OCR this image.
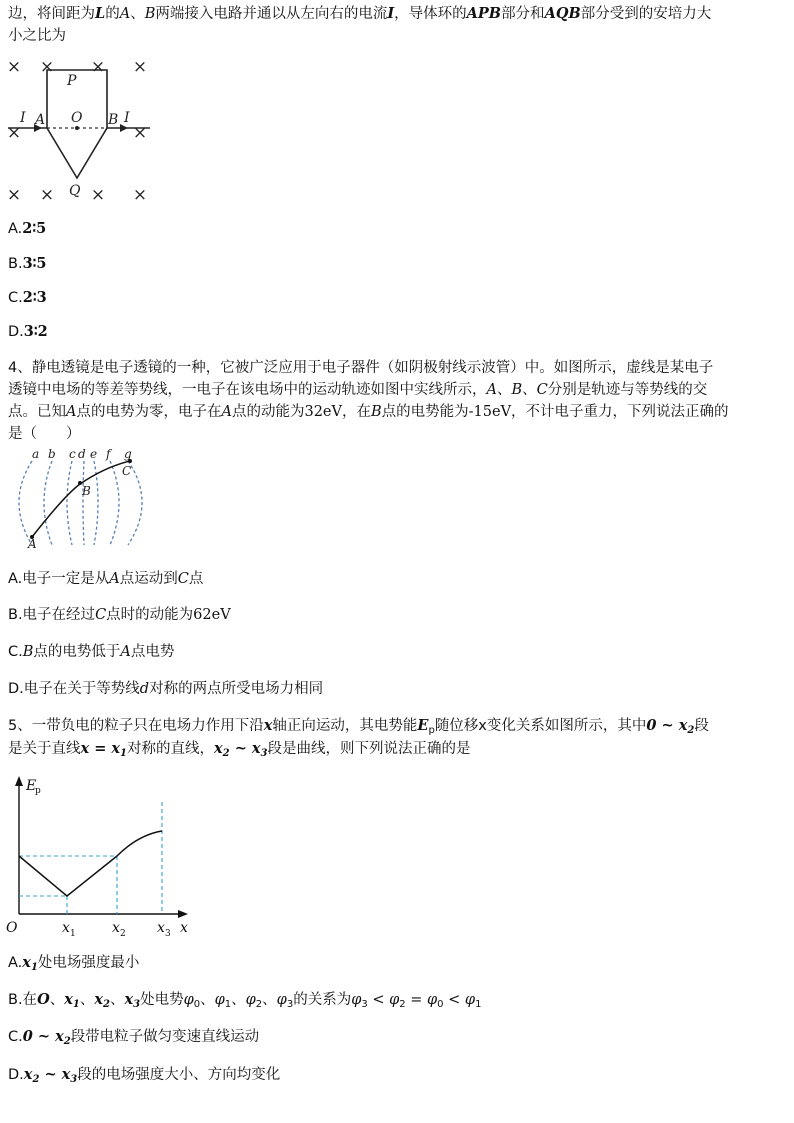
边，将间距为L的A、B两端接入电路并通以从左向右的电流I，导体环的APB部分和AQB部分受到的安培力大
小之比为
× × × ×
×	×
× × × ×
P
O
A	B
I	I
Q
A.2∶5
B.3∶5
C.2∶3
D.3∶2
4、静电透镜是电子透镜的一种，它被广泛应用于电子器件（如阴极射线示波管）中。如图所示，虚线是某电子
透镜中电场的等差等势线，一电子在该电场中的运动轨迹如图中实线所示，A、B、C分别是轨迹与等势线的交
点。已知A点的电势为零，电子在A点的动能为32eV，在B点的电势能为-15eV，不计电子重力，下列说法正确的
是（　　）
a b c d e f g
A
B
C
A.电子一定是从A点运动到C点
B.电子在经过C点时的动能为62eV
C.B点的电势低于A点电势
D.电子在关于等势线d对称的两点所受电场力相同
5、一带负电的粒子只在电场力作用下沿x轴正向运动，其电势能$E_p$随位移x变化关系如图所示，其中0 ~ $x_2$段
是关于直线$x = x_1$对称的直线，$x_2$ ~ $x_3$段是曲线，则下列说法正确的是
E
O	x	x	x x
p
1	2	3
$A.x_1$处电场强度最小
B.在O、$x_1$、$x_2$、$x_3$处电势$\varphi_0$、$\varphi_1$、$\varphi_2$、$\varphi_3$的关系为$\varphi_3 < \varphi_2 = \varphi_0 < \varphi_1$
C.0 ~ $x_2$段带电粒子做匀变速直线运动
$D.x_2$ ~ $x_3$段的电场强度大小、方向均变化
